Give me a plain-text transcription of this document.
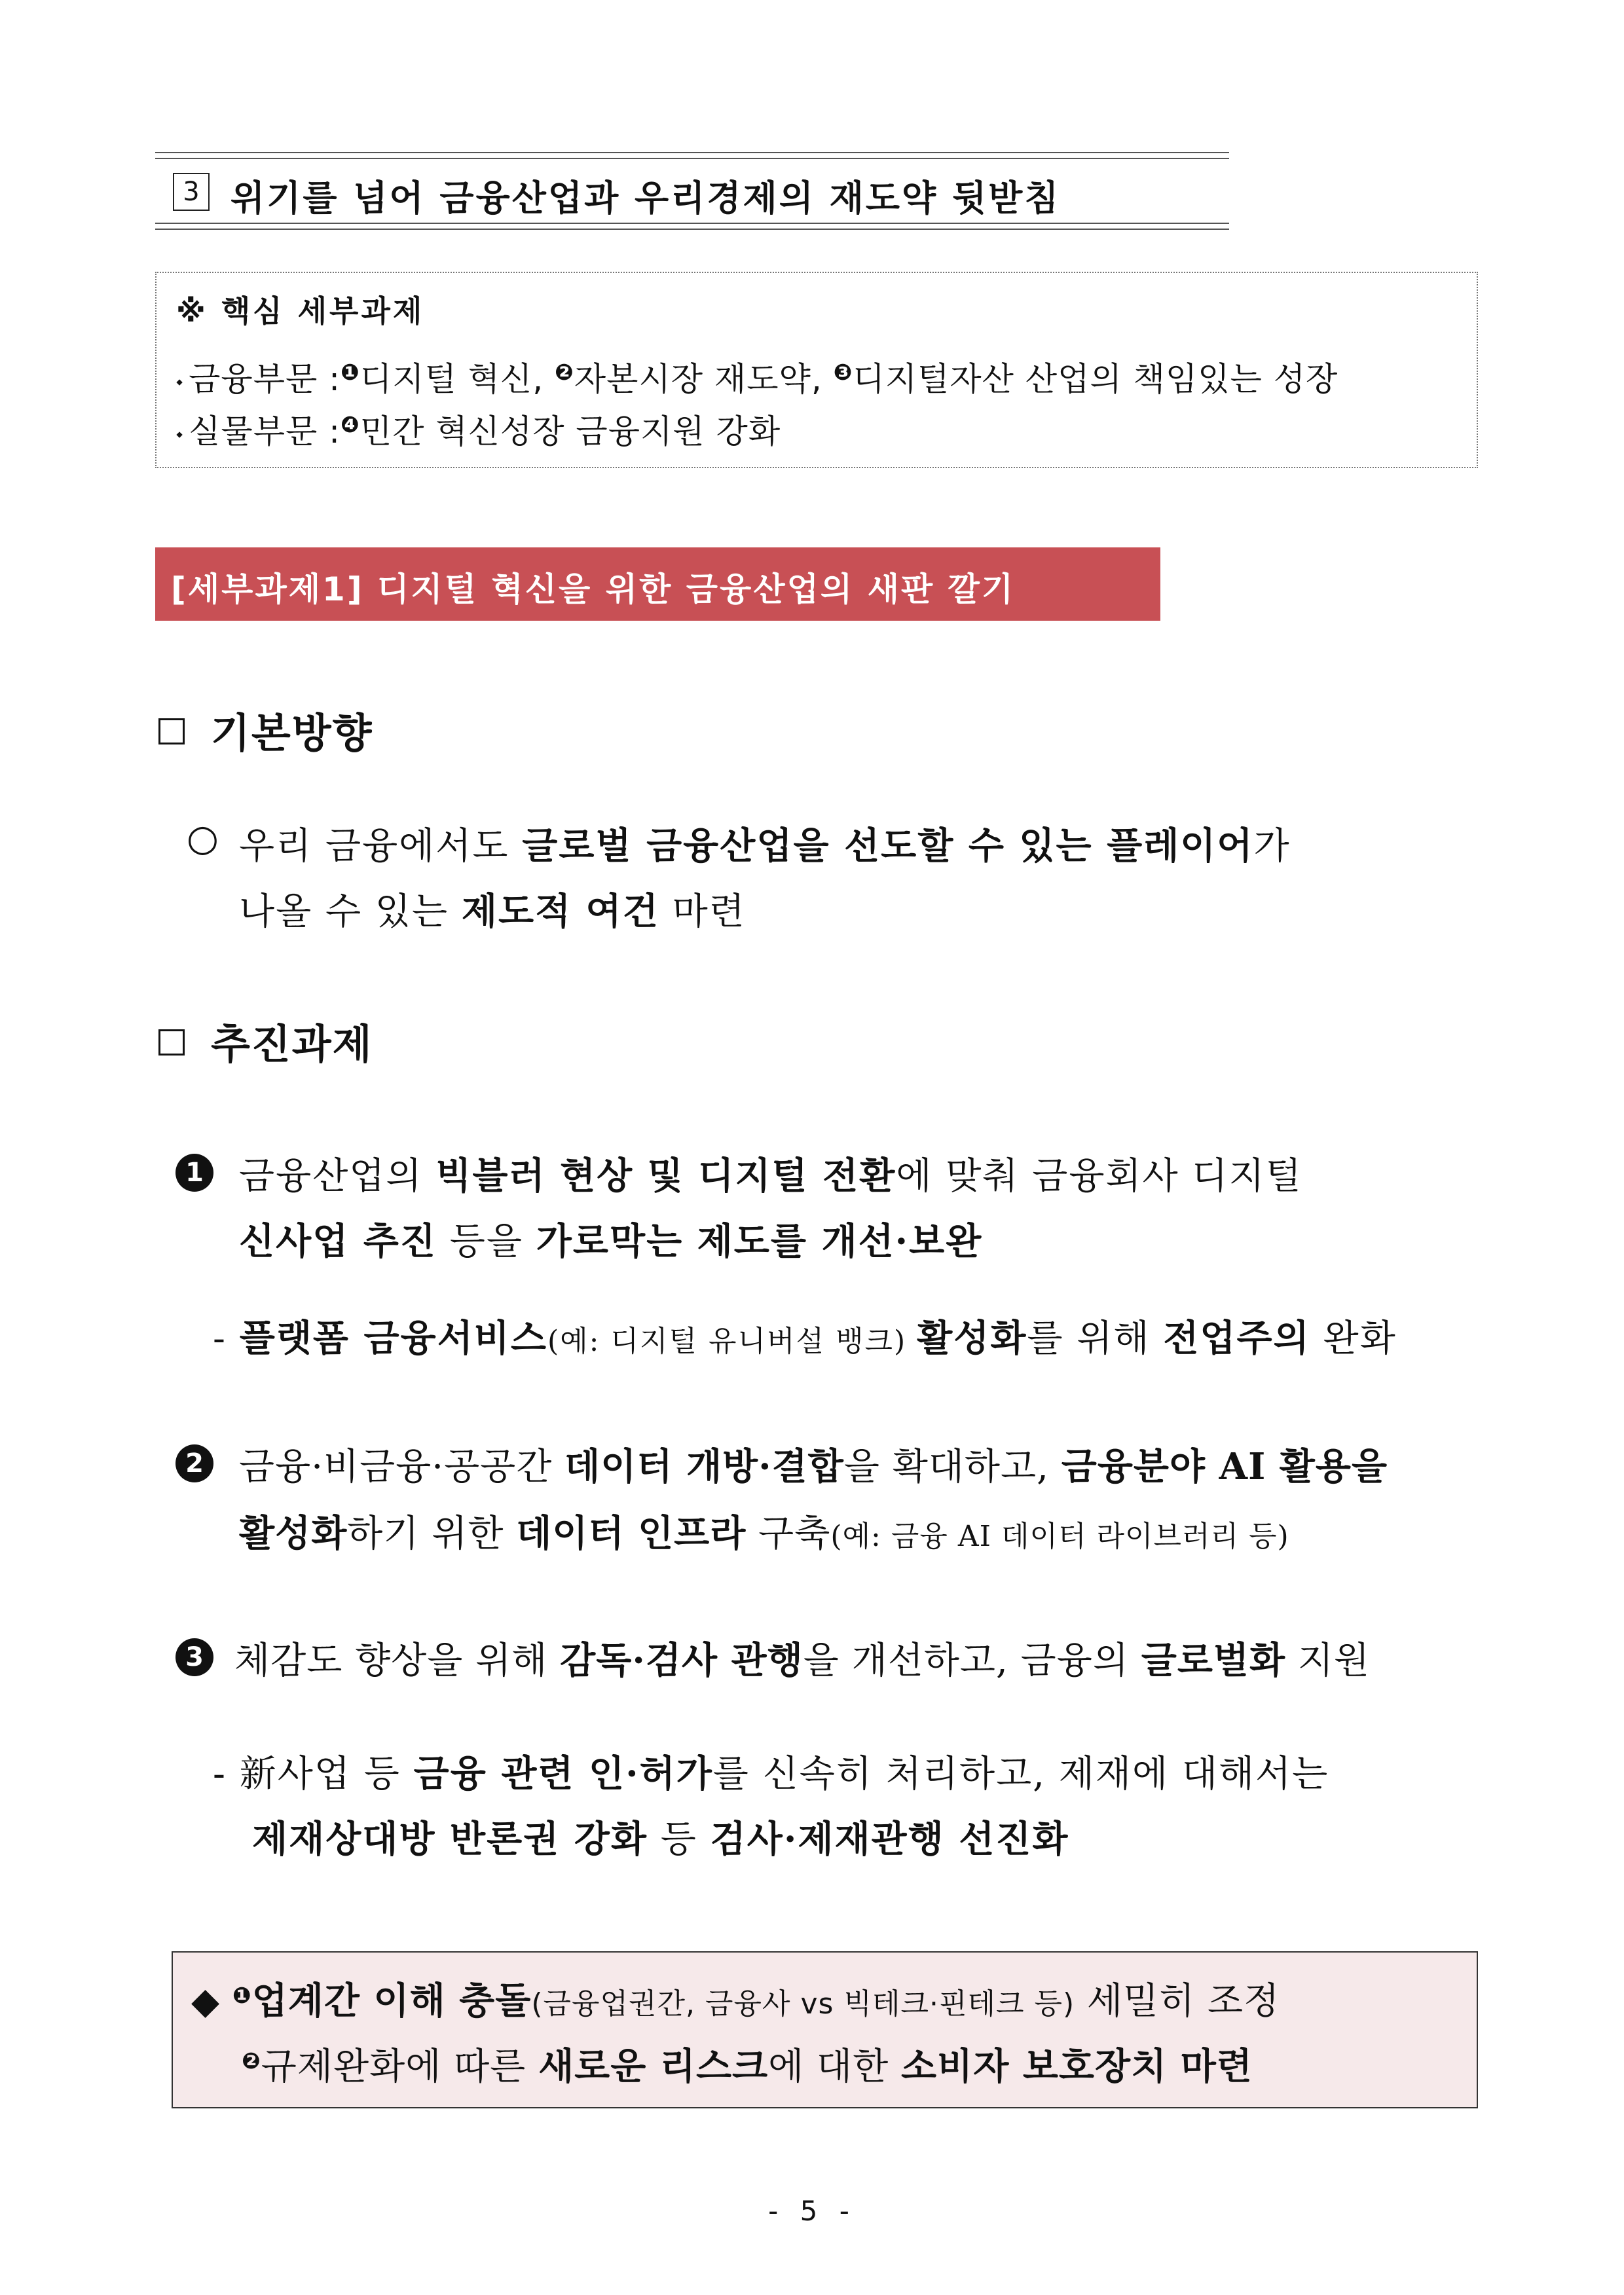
3 위기를 넘어 금융산업과 우리경제의 재도약 뒷받침
※ 핵심 세부과제
⬩ 금융부문 :$^❶$디지털 혁신, $^❷$자본시장 재도약, $^❸$디지털자산 산업의 책임있는 성장
⬩ 실물부문 :$^❹$민간 혁신성장 금융지원 강화
[세부과제1] 디지털 혁신을 위한 금융산업의 새판 깔기
기본방향
○ 우리 금융에서도 글로벌 금융산업을 선도할 수 있는 플레이어가
나올 수 있는 제도적 여건 마련
추진과제
1 금융산업의 빅블러 현상 및 디지털 전환에 맞춰 금융회사 디지털
신사업 추진 등을 가로막는 제도를 개선·보완
- 플랫폼 금융서비스(예: 디지털 유니버설 뱅크) 활성화를 위해 전업주의 완화
2 금융·비금융·공공간 데이터 개방·결합을 확대하고, 금융분야 AI 활용을
활성화하기 위한 데이터 인프라 구축(예: 금융 AI 데이터 라이브러리 등)
3 체감도 향상을 위해 감독·검사 관행을 개선하고, 금융의 글로벌화 지원
- 新사업 등 금융 관련 인·허가를 신속히 처리하고, 제재에 대해서는
제재상대방 반론권 강화 등 검사·제재관행 선진화
◆ $^❶$업계간 이해 충돌(금융업권간, 금융사 vs 빅테크·핀테크 등) 세밀히 조정
$^❷$규제완화에 따른 새로운 리스크에 대한 소비자 보호장치 마련
- 5 -
